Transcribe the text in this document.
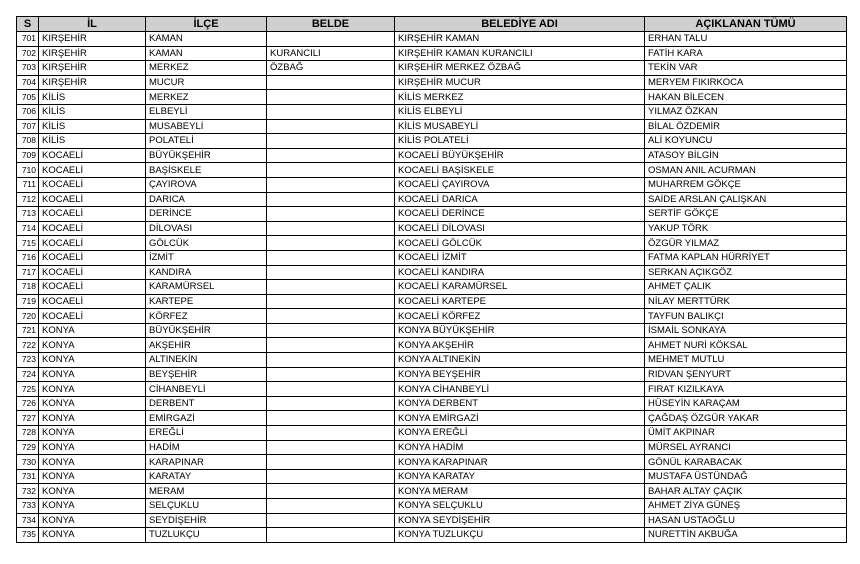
S	İL	İLÇE	BELDE	BELEDİYE ADI	AÇIKLANAN TÜMÜ
701	KIRŞEHİR	KAMAN		KIRŞEHİR KAMAN	ERHAN TALU
702	KIRŞEHİR	KAMAN	KURANCILI	KIRŞEHİR KAMAN KURANCILI	FATİH KARA
703	KIRŞEHİR	MERKEZ	ÖZBAĞ	KIRŞEHİR MERKEZ ÖZBAĞ	TEKİN VAR
704	KIRŞEHİR	MUCUR		KIRŞEHİR MUCUR	MERYEM FIKIRKOCA
705	KİLİS	MERKEZ		KİLİS MERKEZ	HAKAN BİLECEN
706	KİLİS	ELBEYLİ		KİLİS ELBEYLİ	YILMAZ ÖZKAN
707	KİLİS	MUSABEYLİ		KİLİS MUSABEYLİ	BİLAL ÖZDEMİR
708	KİLİS	POLATELİ		KİLİS POLATELİ	ALİ KOYUNCU
709	KOCAELİ	BÜYÜKŞEHİR		KOCAELİ BÜYÜKŞEHİR	ATASOY BİLGİN
710	KOCAELİ	BAŞİSKELE		KOCAELİ BAŞİSKELE	OSMAN ANIL ACURMAN
711	KOCAELİ	ÇAYIROVA		KOCAELİ ÇAYIROVA	MUHARREM GÖKÇE
712	KOCAELİ	DARICA		KOCAELİ DARICA	SAİDE ARSLAN ÇALIŞKAN
713	KOCAELİ	DERİNCE		KOCAELİ DERİNCE	SERTİF GÖKÇE
714	KOCAELİ	DİLOVASI		KOCAELİ DİLOVASI	YAKUP TÖRK
715	KOCAELİ	GÖLCÜK		KOCAELİ GÖLCÜK	ÖZGÜR YILMAZ
716	KOCAELİ	İZMİT		KOCAELİ İZMİT	FATMA KAPLAN HÜRRİYET
717	KOCAELİ	KANDIRA		KOCAELİ KANDIRA	SERKAN AÇIKGÖZ
718	KOCAELİ	KARAMÜRSEL		KOCAELİ KARAMÜRSEL	AHMET ÇALIK
719	KOCAELİ	KARTEPE		KOCAELİ KARTEPE	NİLAY MERTTÜRK
720	KOCAELİ	KÖRFEZ		KOCAELİ KÖRFEZ	TAYFUN BALIKÇI
721	KONYA	BÜYÜKŞEHİR		KONYA BÜYÜKŞEHİR	İSMAİL SONKAYA
722	KONYA	AKŞEHİR		KONYA AKŞEHİR	AHMET NURİ KÖKSAL
723	KONYA	ALTINEKİN		KONYA ALTINEKİN	MEHMET MUTLU
724	KONYA	BEYŞEHİR		KONYA BEYŞEHİR	RIDVAN ŞENYURT
725	KONYA	CİHANBEYLİ		KONYA CİHANBEYLİ	FIRAT KIZILKAYA
726	KONYA	DERBENT		KONYA DERBENT	HÜSEYİN KARAÇAM
727	KONYA	EMİRGAZİ		KONYA EMİRGAZİ	ÇAĞDAŞ ÖZGÜR YAKAR
728	KONYA	EREĞLİ		KONYA EREĞLİ	ÜMİT AKPINAR
729	KONYA	HADİM		KONYA HADİM	MÜRSEL AYRANCI
730	KONYA	KARAPINAR		KONYA KARAPINAR	GÖNÜL KARABACAK
731	KONYA	KARATAY		KONYA KARATAY	MUSTAFA ÜSTÜNDAĞ
732	KONYA	MERAM		KONYA MERAM	BAHAR ALTAY ÇAÇIK
733	KONYA	SELÇUKLU		KONYA SELÇUKLU	AHMET ZİYA GÜNEŞ
734	KONYA	SEYDİŞEHİR		KONYA SEYDİŞEHİR	HASAN USTAOĞLU
735	KONYA	TUZLUKÇU		KONYA TUZLUKÇU	NURETTİN AKBUĞA
